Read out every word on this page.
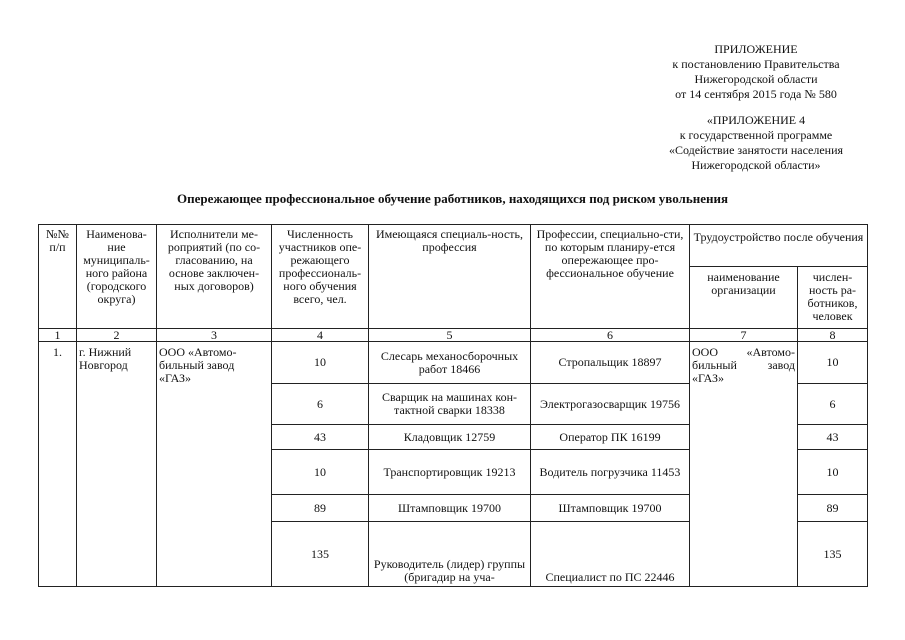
ПРИЛОЖЕНИЕ
к постановлению Правительства
Нижегородской области
от 14 сентября 2015 года № 580
«ПРИЛОЖЕНИЕ 4
к государственной программе
«Содействие занятости населения
Нижегородской области»
Опережающее профессиональное обучение работников, находящихся под риском увольнения
№№ п/п	Наименова-ние муниципаль-ного района (городского округа)	Исполнители ме-роприятий (по со-гласованию, на основе заключен-ных договоров)	Численность участников опе-режающего профессиональ-ного обучения всего, чел.	Имеющаяся специаль-ность, профессия	Профессии, специально-сти, по которым планиру-ется опережающее про-фессиональное обучение	Трудоустройство после обучения	
						наименование организации	числен-ность ра-ботников, человек
1	2	3	4	5	6	7	8
1.	г. Нижний Новгород	ООО «Автомо-бильный завод «ГАЗ»	10	Слесарь механосборочных работ 18466	Стропальщик 18897	ООО «Автомо-бильный завод «ГАЗ»	10
			6	Сварщик на машинах кон-тактной сварки 18338	Электрогазосварщик 19756		6
			43	Кладовщик 12759	Оператор ПК 16199		43
			10	Транспортировщик 19213	Водитель погрузчика 11453		10
			89	Штамповщик 19700	Штамповщик 19700		89
			135	Руководитель (лидер) группы (бригадир на уча-	Специалист по ПС 22446		135
